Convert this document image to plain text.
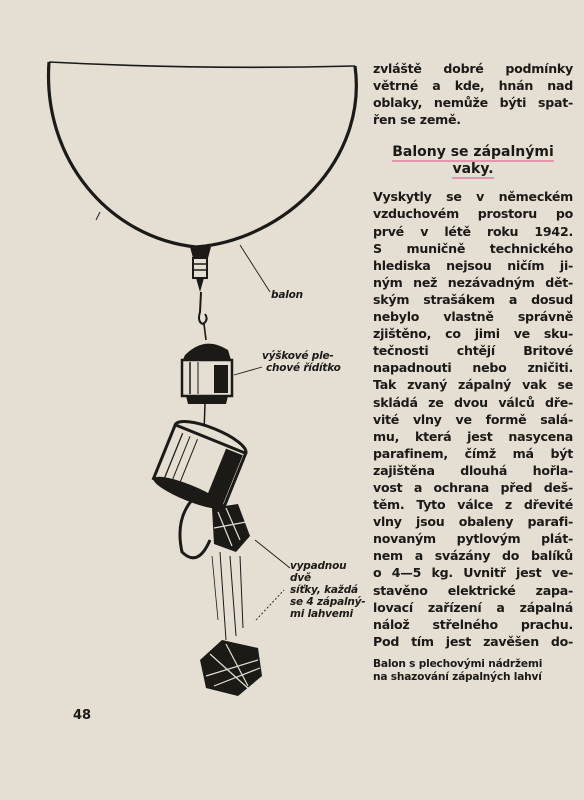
balon
výškové ple-
chové řídítko
vypadnou dvě
síťky, každá
se 4 zápalný-
mi lahvemi
zvláště dobré podmínky
větrné a kde, hnán nad
oblaky, nemůže býti spat-
řen se země.
Balony se zápalnými
vaky.
Vyskytly se v německém
vzduchovém prostoru po
prvé v létě roku 1942.
S muničně technického
hlediska nejsou ničím ji-
ným než nezávadným dět-
ským strašákem a dosud
nebylo vlastně správně
zjištěno, co jimi ve sku-
tečnosti chtějí Britové
napadnouti nebo zničiti.
Tak zvaný zápalný vak se
skládá ze dvou válců dře-
vité vlny ve formě salá-
mu, která jest nasycena
parafinem, čímž má být
zajištěna dlouhá hořla-
vost a ochrana před deš-
těm. Tyto válce z dřevité
vlny jsou obaleny parafi-
novaným pytlovým plát-
nem a svázány do balíků
o 4—5 kg. Uvnitř jest ve-
stavěno elektrické zapa-
lovací zařízení a zápalná
nálož střelného prachu.
Pod tím jest zavěšen do-
Balon s plechovými nádržemi
na shazování zápalných lahví
48
